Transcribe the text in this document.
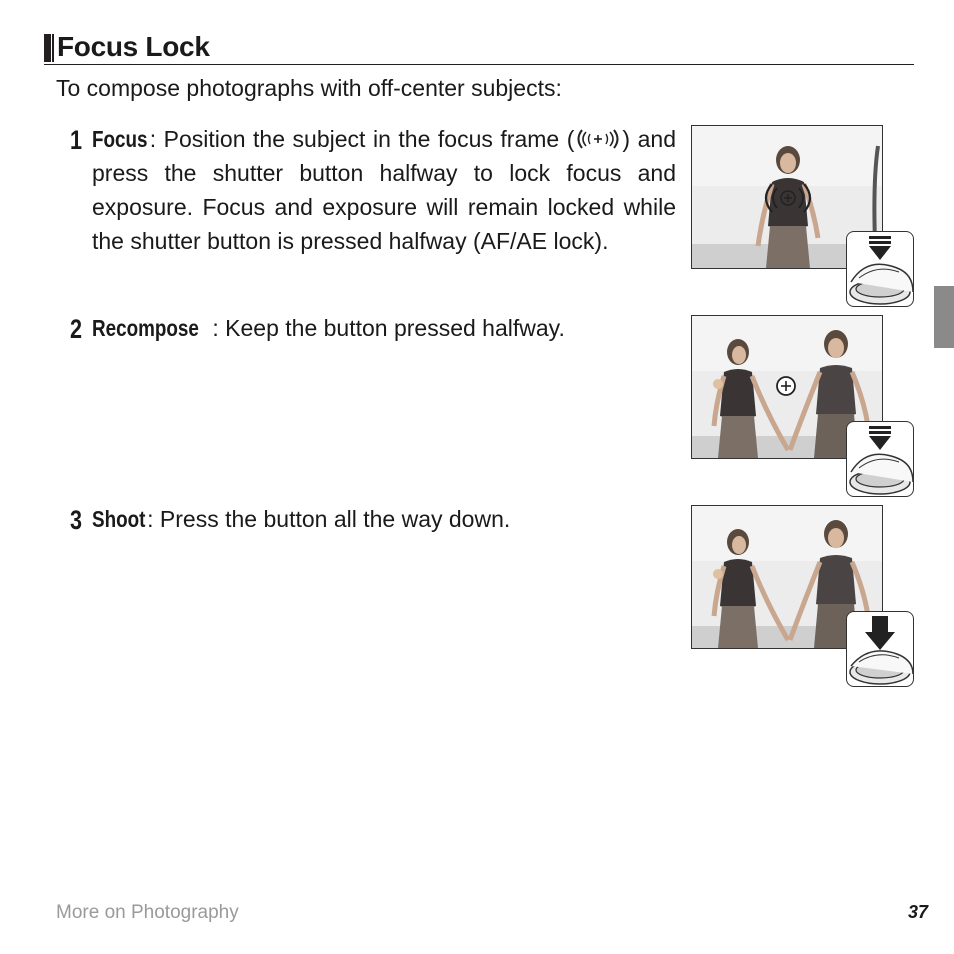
Focus Lock

To compose photographs with off-center subjects:

1 Focus: Position the subject in the focus frame ( ) and press the shutter button halfway to lock focus and exposure. Focus and exposure will remain locked while the shutter button is pressed halfway (AF/AE lock).

2 Recompose : Keep the button pressed halfway.

3 Shoot: Press the button all the way down.

More on Photography	37
